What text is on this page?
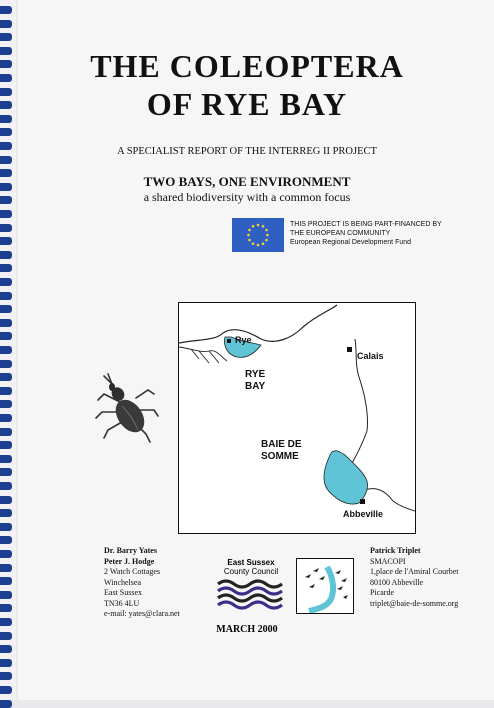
THE COLEOPTERA
OF RYE BAY
A SPECIALIST REPORT OF THE INTERREG II PROJECT
TWO BAYS, ONE ENVIRONMENT
a shared biodiversity with a common focus
THIS PROJECT IS BEING PART-FINANCED BY
THE EUROPEAN COMMUNITY
European Regional Development Fund
Rye
Calais
RYE
BAY
BAIE DE
SOMME
Abbeville
Dr. Barry Yates
Peter J. Hodge
2 Watch Cottages
Winchelsea
East Sussex
TN36 4LU
e-mail: yates@clara.net
East Sussex
County Council
Patrick Triplet
SMACOPI
1,place de l'Amiral Courbet
80100 Abbeville
Picarde
triplet@baie-de-somme.org
MARCH 2000
